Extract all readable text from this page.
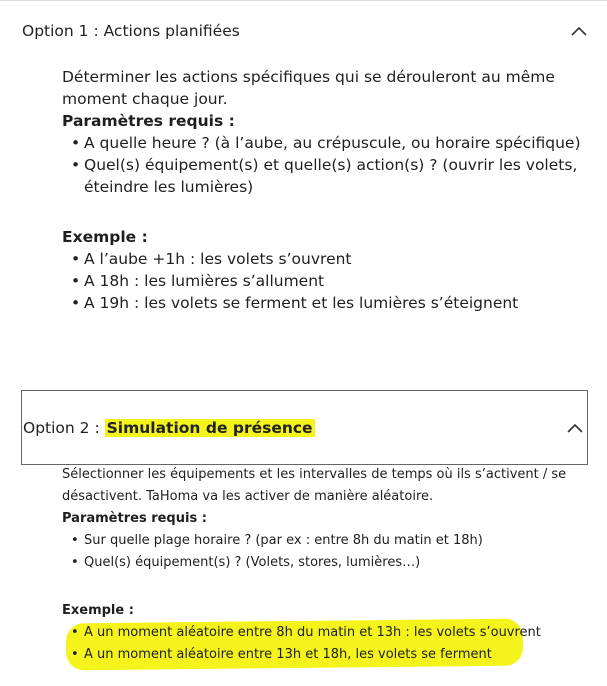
Option 1 : Actions planifiées
Déterminer les actions spécifiques qui se dérouleront au même moment chaque jour.
Paramètres requis :
• A quelle heure ? (à l’aube, au crépuscule, ou horaire spécifique)
• Quel(s) équipement(s) et quelle(s) action(s) ? (ouvrir les volets, éteindre les lumières)
Exemple :
• A l’aube +1h : les volets s’ouvrent
• A 18h : les lumières s’allument
• A 19h : les volets se ferment et les lumières s’éteignent
Option 2 : Simulation de présence
Sélectionner les équipements et les intervalles de temps où ils s’activent / se désactivent. TaHoma va les activer de manière aléatoire.
Paramètres requis :
• Sur quelle plage horaire ? (par ex : entre 8h du matin et 18h)
• Quel(s) équipement(s) ? (Volets, stores, lumières…)
Exemple :
• A un moment aléatoire entre 8h du matin et 13h : les volets s’ouvrent
• A un moment aléatoire entre 13h et 18h, les volets se ferment
